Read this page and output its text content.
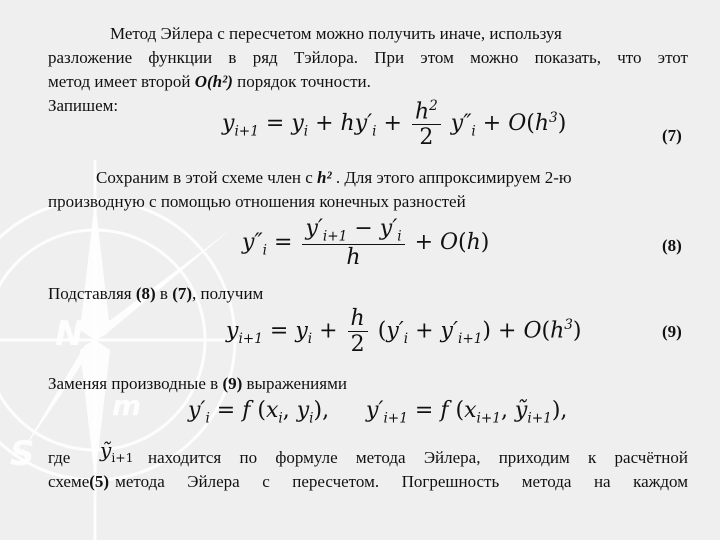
N
S
m
Метод Эйлера с пересчетом можно получить иначе, используя
разложение функции в ряд Тэйлора. При этом можно показать, что этот
метод имеет второй O(h²) порядок точности.
Запишем:
$y_{i+1} = y_i + hy'_i + \frac{h^2}{2} y''_i + O(h^3)$	(7)
Сохраним в этой схеме член с h² . Для этого аппроксимируем 2-ю
производную с помощью отношения конечных разностей
$y''_i = \frac{y'_{i+1} - y'_i}{h} + O(h)$	(8)
Подставляя (8) в (7), получим
$y_{i+1} = y_i + \frac{h}{2} (y'_i + y'_{i+1}) + O(h^3)$	(9)
Заменяя производные в (9) выражениями
$y'_i = f$ ($x_i$, $y_i$), $y'_{i+1} = f$ ($x_{i+1}$, ỹ$_{i+1}$),
где ỹ$_{i+1}$ находится по формуле метода Эйлера, приходим к расчётной
схеме (5) метода Эйлера с пересчетом. Погрешность метода на каждом
